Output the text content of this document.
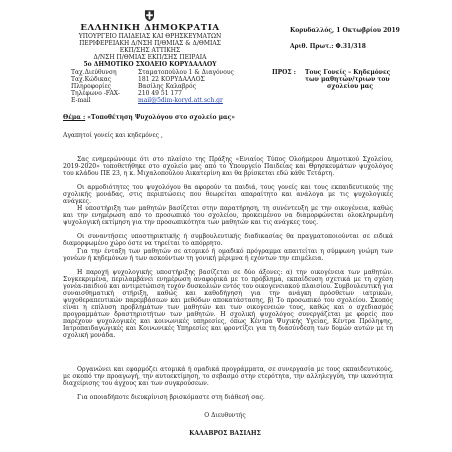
ΕΛΛΗΝΙΚΗ ΔΗΜΟΚΡΑΤΙΑ
ΥΠΟΥΡΓΕΙΟ ΠΑΙΔΕΙΑΣ ΚΑΙ ΘΡΗΣΚΕΥΜΑΤΩΝ
ΠΕΡΙΦΕΡΕΙΑΚΗ Δ/ΝΣΗ Π/ΘΜΙΑΣ & Δ/ΘΜΙΑΣ
ΕΚΠ/ΣΗΣ ΑΤΤΙΚΗΣ
Δ/ΝΣΗ Π/ΘΜΙΑΣ ΕΚΠ/ΣΗΣ ΠΕΙΡΑΙΑ
5ο ΔΗΜΟΤΙΚΟ ΣΧΟΛΕΙΟ ΚΟΡΥΔΑΛΛΟΥ
Ταχ.Διεύθυνση	Σταματοπούλου 1 & Διαγόνους
Ταχ.Κώδικας	181 22 ΚΟΡΥΔΑΛΛΟΣ
Πληροφορίες	Βασίλης Καλαβρός
Τηλέφωνο -FAX-	210 49 51 177
E-mail	mail@5dim-koryd.att.sch.gr
Κορυδαλλός, 1 Οκτωβρίου 2019
Αριθ. Πρωτ.: Φ.31/318
ΠΡΟΣ : Τους Γονείς – Κηδεμόνες
των μαθητών/τριων του
σχολείου μας
Θέμα : «Τοποθέτηση Ψυχολόγου στο σχολείο μας»
Αγαπητοί γονείς και κηδεμόνες ,
Σας ενημερώνουμε ότι στο πλαίσιο της Πράξης «Ενιαίος Τύπος Ολοήμερου Δημοτικού Σχολείου, 2019-2020» τοποθετήθηκε στο σχολείο μας από το Υπουργείο Παιδείας και Θρησκευμάτων ψυχολόγος του κλάδου ΠΕ 23, η κ. Μιχαλοπούλου Αικατερίνη και θα βρίσκεται εδώ κάθε Τετάρτη.
Οι αρμοδιότητες του ψυχολόγου θα αφορούν τα παιδιά, τους γονείς και τους εκπαιδευτικούς της σχολικής μονάδας, στις περιπτώσεις που θεωρείται απαραίτητο και ανάλογα με τις ψυχολογικές ανάγκες.
Η υποστήριξη των μαθητών βασίζεται στην παρατήρηση, τη συνέντευξη με την οικογένεια, καθώς και την ενημέρωση από το προσωπικό του σχολείου, προκειμένου να διαμορφώνεται ολοκληρωμένη ψυχολογική εκτίμηση για την προσωπικότητα των μαθητών και τις ανάγκες τους.
Οι συναντήσεις υποστηρικτικής ή συμβουλευτικής διαδικασίας θα πραγματοποιούνται σε ειδικά διαμορφωμένο χώρο όστε να τηρείται το απόρρητο.
Για την ένταξη των μαθητών σε ατομικό ή ομαδικό πρόγραμμα απαιτείται η σύμφωνη γνώμη των γονέων ή κηδεμόνων ή των ασκούντων τη γονική μέριμνα ή εχόντων την επιμέλεια.
Η παροχή ψυχολογικής υποστήριξης βασίζεται σε δύο άξονες: α) την οικογένεια των μαθητών. Συγκεκριμένα, περιλαμβάνει ενημέρωση αναφορικά με το πρόβλημα, εκπαίδευση σχετικά με τη σχέση γονέα-παιδιού και αντιμετώπιση τυχόν δυσκολιών εντός του οικογενειακού πλαισίου. Συμβουλευτική για συναισθηματική στήριξη, καθώς και καθοδήγηση για την ανάγκη πρόσθετων ιατρικών, ψυχοθεραπευτικών παρεμβάσεων και μεθόδων αποκατάστασης, β) Το προσωπικό του σχολείου. Σκοπός είναι η επίλυση προβλημάτων των μαθητών και των οικογενειών τους, καθώς και ο σχεδιασμός προγραμμάτων δραστηριοτήτων των μαθητών. Η σχολική ψυχολόγος συνεργάζεται με φορείς που παρέχουν ψυχολογικές και κοινωνικές υπηρεσίες, όπως Κέντρα Ψυχικής Υγείας, Κέντρα Πρόληψης, Ιατροπαιδαγωγικές και Κοινωνικές Υπηρεσίες και φροντίζει για τη διασύνδεση των δομών αυτών με τη σχολική μονάδα.
Οργανώνει και εφαρμόζει ατομικά ή ομαδικά προγράμματα, σε συνεργασία με τους εκπαιδευτικούς, με σκοπό την προαγωγή, την αυτοεκτίμηση, το σεβασμό στην ετερότητα, την αλληλεγγύη, την ικανότητα διαχείρισης του άγχους και των συγκρούσεων.
Για οποιαδήποτε διευκρίνιση βρισκόμαστε στη διάθεσή σας.
Ο Διευθυντής
ΚΑΛΑΒΡΟΣ ΒΑΣΙΛΗΣ
